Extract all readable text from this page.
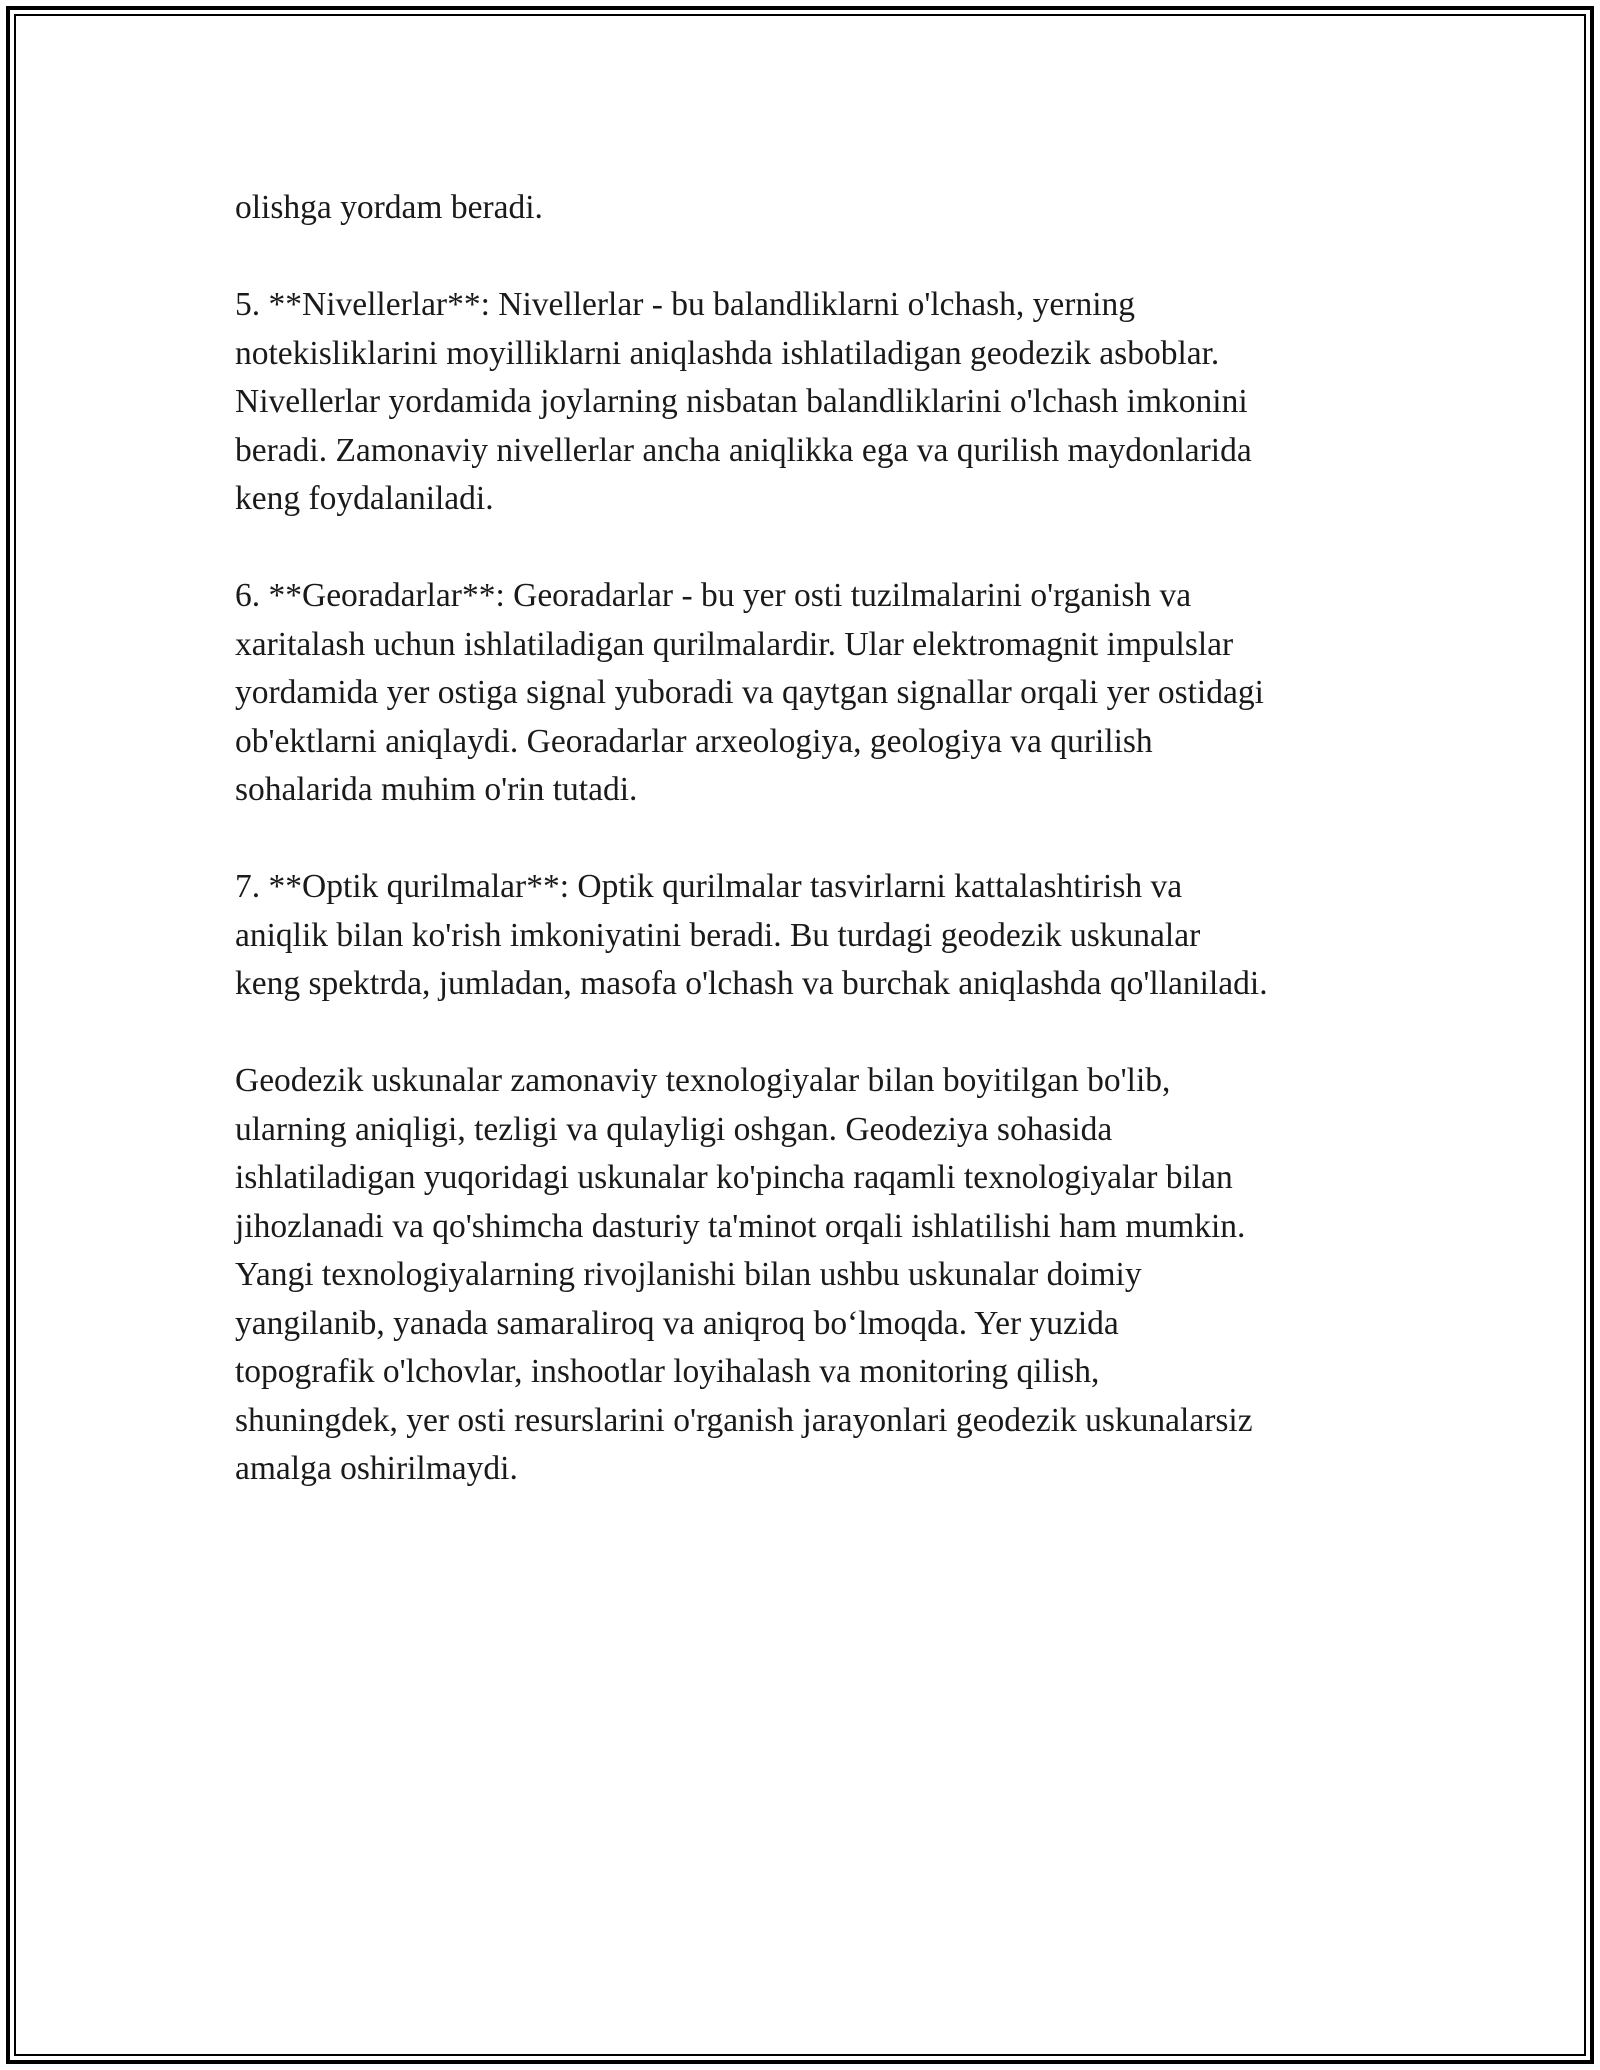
olishga yordam beradi.
5. **Nivellerlar**: Nivellerlar - bu balandliklarni o'lchash, yerning
notekisliklarini moyilliklarni aniqlashda ishlatiladigan geodezik asboblar.
Nivellerlar yordamida joylarning nisbatan balandliklarini o'lchash imkonini
beradi. Zamonaviy nivellerlar ancha aniqlikka ega va qurilish maydonlarida
keng foydalaniladi.
6. **Georadarlar**: Georadarlar - bu yer osti tuzilmalarini o'rganish va
xaritalash uchun ishlatiladigan qurilmalardir. Ular elektromagnit impulslar
yordamida yer ostiga signal yuboradi va qaytgan signallar orqali yer ostidagi
ob'ektlarni aniqlaydi. Georadarlar arxeologiya, geologiya va qurilish
sohalarida muhim o'rin tutadi.
7. **Optik qurilmalar**: Optik qurilmalar tasvirlarni kattalashtirish va
aniqlik bilan ko'rish imkoniyatini beradi. Bu turdagi geodezik uskunalar
keng spektrda, jumladan, masofa o'lchash va burchak aniqlashda qo'llaniladi.
Geodezik uskunalar zamonaviy texnologiyalar bilan boyitilgan bo'lib,
ularning aniqligi, tezligi va qulayligi oshgan. Geodeziya sohasida
ishlatiladigan yuqoridagi uskunalar ko'pincha raqamli texnologiyalar bilan
jihozlanadi va qo'shimcha dasturiy ta'minot orqali ishlatilishi ham mumkin.
Yangi texnologiyalarning rivojlanishi bilan ushbu uskunalar doimiy
yangilanib, yanada samaraliroq va aniqroq bo‘lmoqda. Yer yuzida
topografik o'lchovlar, inshootlar loyihalash va monitoring qilish,
shuningdek, yer osti resurslarini o'rganish jarayonlari geodezik uskunalarsiz
amalga oshirilmaydi.
